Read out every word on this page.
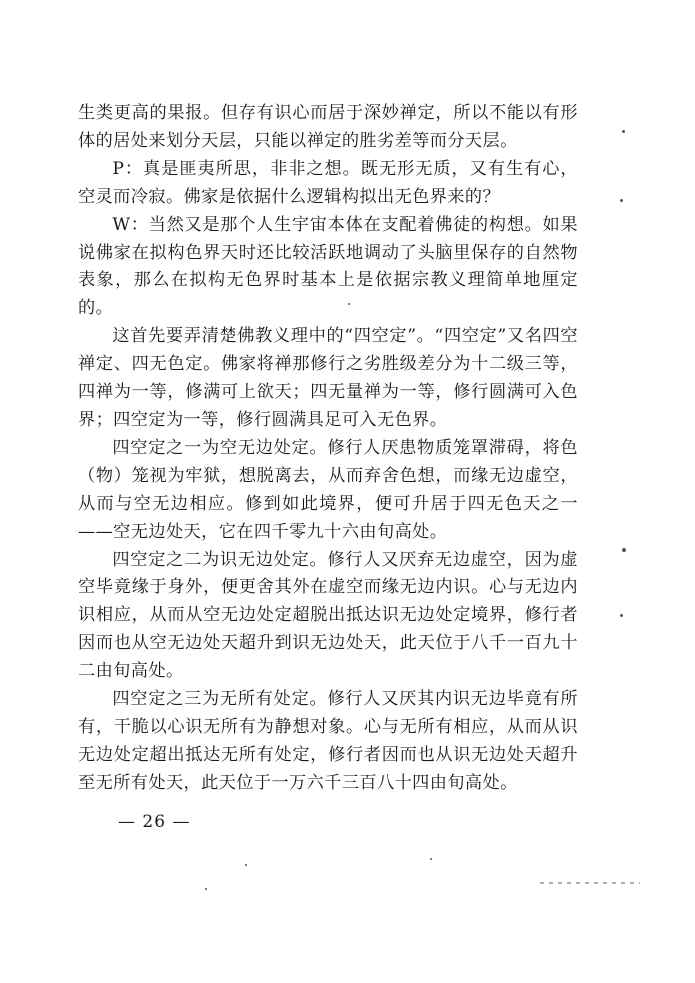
生类更高的果报。但存有识心而居于深妙禅定，所以不能以有形体的居处来划分天层，只能以禅定的胜劣差等而分天层。

P：真是匪夷所思，非非之想。既无形无质，又有生有心，空灵而冷寂。佛家是依据什么逻辑构拟出无色界来的？

W：当然又是那个人生宇宙本体在支配着佛徒的构想。如果说佛家在拟构色界天时还比较活跃地调动了头脑里保存的自然物表象，那么在拟构无色界时基本上是依据宗教义理简单地厘定的。

这首先要弄清楚佛教义理中的“四空定”。“四空定”又名四空禅定、四无色定。佛家将禅那修行之劣胜级差分为十二级三等，四禅为一等，修满可上欲天；四无量禅为一等，修行圆满可入色界；四空定为一等，修行圆满具足可入无色界。

四空定之一为空无边处定。修行人厌患物质笼罩滞碍，将色（物）笼视为牢狱，想脱离去，从而弃舍色想，而缘无边虚空，从而与空无边相应。修到如此境界，便可升居于四无色天之一——空无边处天，它在四千零九十六由旬高处。

四空定之二为识无边处定。修行人又厌弃无边虚空，因为虚空毕竟缘于身外，便更舍其外在虚空而缘无边内识。心与无边内识相应，从而从空无边处定超脱出抵达识无边处定境界，修行者因而也从空无边处天超升到识无边处天，此天位于八千一百九十二由旬高处。

四空定之三为无所有处定。修行人又厌其内识无边毕竟有所有，干脆以心识无所有为静想对象。心与无所有相应，从而从识无边处定超出抵达无所有处定，修行者因而也从识无边处天超升至无所有处天，此天位于一万六千三百八十四由旬高处。

— 26 —
